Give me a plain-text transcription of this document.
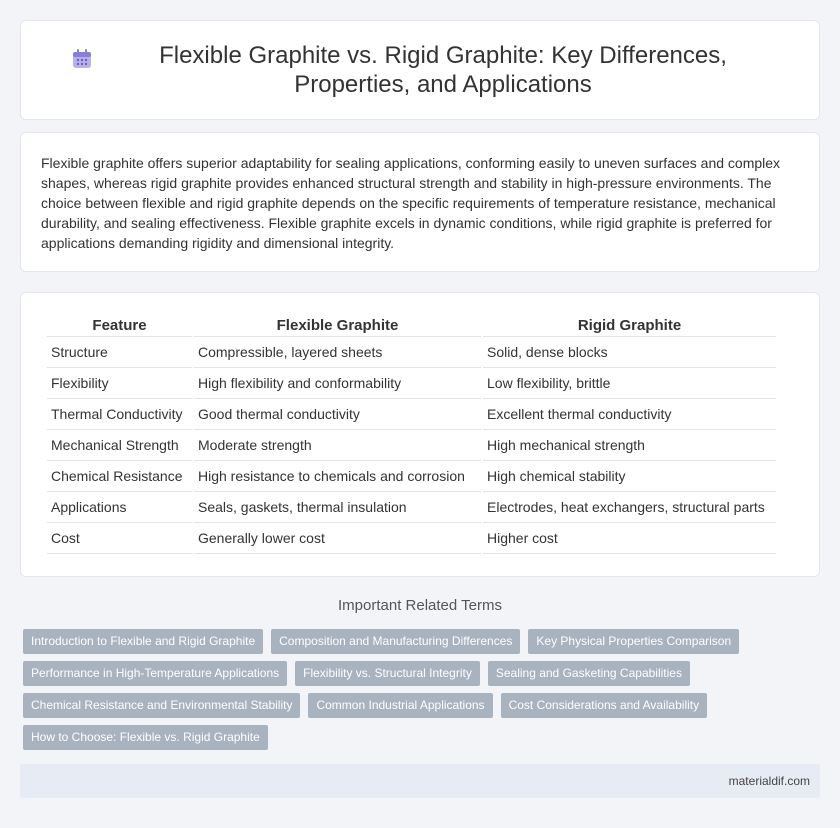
Flexible Graphite vs. Rigid Graphite: Key Differences, Properties, and Applications

Flexible graphite offers superior adaptability for sealing applications, conforming easily to uneven surfaces and complex shapes, whereas rigid graphite provides enhanced structural strength and stability in high-pressure environments. The choice between flexible and rigid graphite depends on the specific requirements of temperature resistance, mechanical durability, and sealing effectiveness. Flexible graphite excels in dynamic conditions, while rigid graphite is preferred for applications demanding rigidity and dimensional integrity.

Feature	Flexible Graphite	Rigid Graphite
Structure	Compressible, layered sheets	Solid, dense blocks
Flexibility	High flexibility and conformability	Low flexibility, brittle
Thermal Conductivity	Good thermal conductivity	Excellent thermal conductivity
Mechanical Strength	Moderate strength	High mechanical strength
Chemical Resistance	High resistance to chemicals and corrosion	High chemical stability
Applications	Seals, gaskets, thermal insulation	Electrodes, heat exchangers, structural parts
Cost	Generally lower cost	Higher cost
Important Related Terms
Introduction to Flexible and Rigid Graphite	Composition and Manufacturing Differences	Key Physical Properties Comparison
Performance in High-Temperature Applications	Flexibility vs. Structural Integrity	Sealing and Gasketing Capabilities
Chemical Resistance and Environmental Stability	Common Industrial Applications	Cost Considerations and Availability
How to Choose: Flexible vs. Rigid Graphite
materialdif.com
